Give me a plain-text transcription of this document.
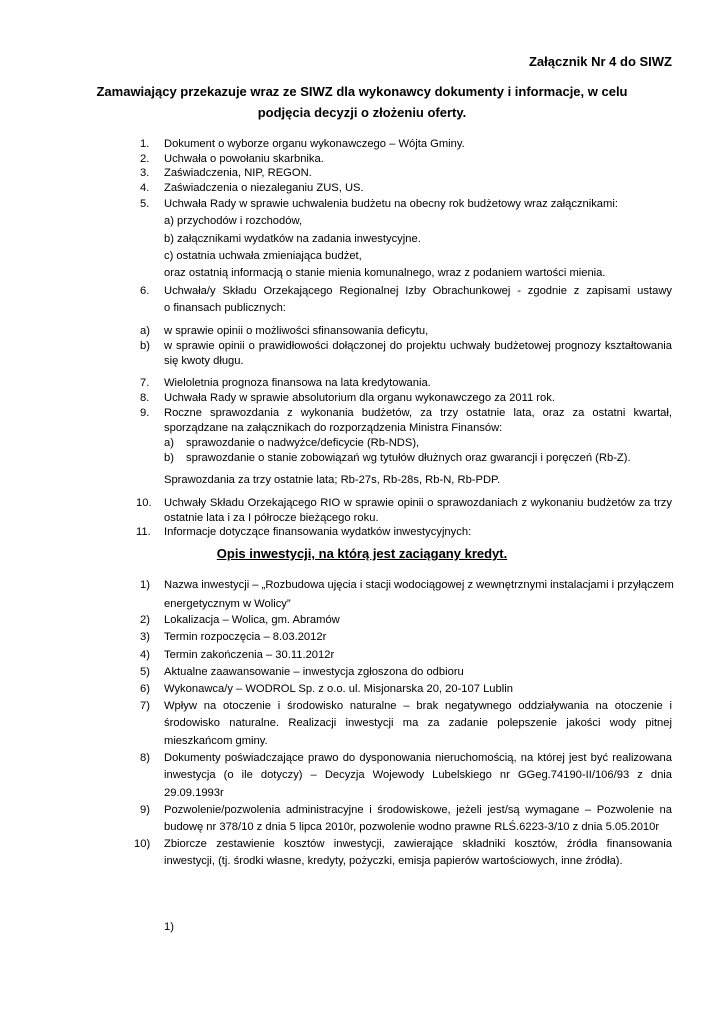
Załącznik Nr 4 do SIWZ
Zamawiający przekazuje wraz ze SIWZ dla wykonawcy dokumenty i informacje, w celu
podjęcia decyzji o złożeniu oferty.
1. Dokument o wyborze organu wykonawczego – Wójta Gminy.
2. Uchwała o powołaniu skarbnika.
3. Zaświadczenia, NIP, REGON.
4. Zaświadczenia o niezaleganiu ZUS, US.
5. Uchwała Rady w sprawie uchwalenia budżetu na obecny rok budżetowy wraz załącznikami:
a) przychodów i rozchodów,
b) załącznikami wydatków na zadania inwestycyjne.
c) ostatnia uchwała zmieniająca budżet,
oraz ostatnią informacją o stanie mienia komunalnego, wraz z podaniem wartości mienia.
6. Uchwała/y Składu Orzekającego Regionalnej Izby Obrachunkowej - zgodnie z zapisami ustawy
o finansach publicznych:
a) w sprawie opinii o możliwości sfinansowania deficytu,
b) w sprawie opinii o prawidłowości dołączonej do projektu uchwały budżetowej prognozy kształtowania
się kwoty długu.
7. Wieloletnia prognoza finansowa na lata kredytowania.
8. Uchwała Rady w sprawie absolutorium dla organu wykonawczego za 2011 rok.
9. Roczne sprawozdania z wykonania budżetów, za trzy ostatnie lata, oraz za ostatni kwartał,
sporządzane na załącznikach do rozporządzenia Ministra Finansów:
a) sprawozdanie o nadwyżce/deficycie (Rb-NDS),
b) sprawozdanie o stanie zobowiązań wg tytułów dłużnych oraz gwarancji i poręczeń (Rb-Z).
Sprawozdania za trzy ostatnie lata; Rb-27s, Rb-28s, Rb-N, Rb-PDP.
10. Uchwały Składu Orzekającego RIO w sprawie opinii o sprawozdaniach z wykonaniu budżetów za trzy
ostatnie lata i za I półrocze bieżącego roku.
11. Informacje dotyczące finansowania wydatków inwestycyjnych:
Opis inwestycji, na którą jest zaciągany kredyt.
1) Nazwa inwestycji – „Rozbudowa ujęcia i stacji wodociągowej z wewnętrznymi instalacjami i przyłączem
energetycznym w Wolicy”
2) Lokalizacja – Wolica, gm. Abramów
3) Termin rozpoczęcia – 8.03.2012r
4) Termin zakończenia – 30.11.2012r
5) Aktualne zaawansowanie – inwestycja zgłoszona do odbioru
6) Wykonawca/y – WODROL Sp. z o.o. ul. Misjonarska 20, 20-107 Lublin
7) Wpływ na otoczenie i środowisko naturalne – brak negatywnego oddziaływania na otoczenie i
środowisko naturalne. Realizacji inwestycji ma za zadanie polepszenie jakości wody pitnej
mieszkańcom gminy.
8) Dokumenty poświadczające prawo do dysponowania nieruchomością, na której jest być realizowana
inwestycja (o ile dotyczy) – Decyzja Wojewody Lubelskiego nr GGeg.74190-II/106/93 z dnia
29.09.1993r
9) Pozwolenie/pozwolenia administracyjne i środowiskowe, jeżeli jest/są wymagane – Pozwolenie na
budowę nr 378/10 z dnia 5 lipca 2010r, pozwolenie wodno prawne RLŚ.6223-3/10 z dnia 5.05.2010r
10) Zbiorcze zestawienie kosztów inwestycji, zawierające składniki kosztów, źródła finansowania
inwestycji, (tj. środki własne, kredyty, pożyczki, emisja papierów wartościowych, inne źródła).
1)
